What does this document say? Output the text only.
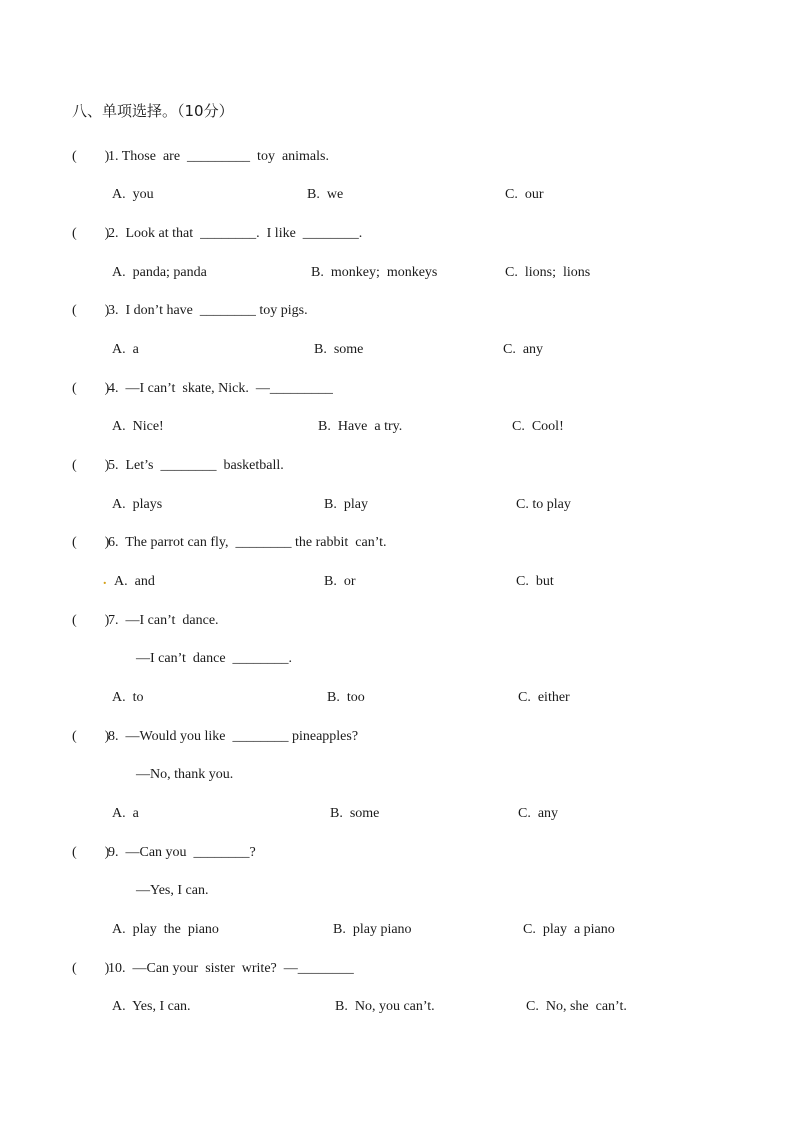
八、单项选择。（10分）
(        )
1. Those  are  _________  toy  animals.
A.  you	B.  we	C.  our
(        )
2.  Look at that  ________.  I like  ________.
A.  panda; panda	B.  monkey;  monkeys	C.  lions;  lions
(        )
3.  I don’t have  ________ toy pigs.
A.  a	B.  some	C.  any
(        )
4.  —I can’t  skate, Nick.  —_________
A.  Nice!	B.  Have  a try.	C.  Cool!
(        )
5.  Let’s  ________  basketball.
A.  plays	B.  play	C. to play
(        )
6.  The parrot can fly,  ________ the rabbit  can’t.
. A.  and	B.  or	C.  but
(        )
7.  —I can’t  dance.
—I can’t  dance  ________.
A.  to	B.  too	C.  either
(        )
8.  —Would you like  ________ pineapples?
—No, thank you.
A.  a	B.  some	C.  any
(        )
9.  —Can you  ________?
—Yes, I can.
A.  play  the  piano	B.  play piano	C.  play  a piano
(        )
10.  —Can your  sister  write?  —________
A.  Yes, I can.	B.  No, you can’t.	C.  No, she  can’t.
